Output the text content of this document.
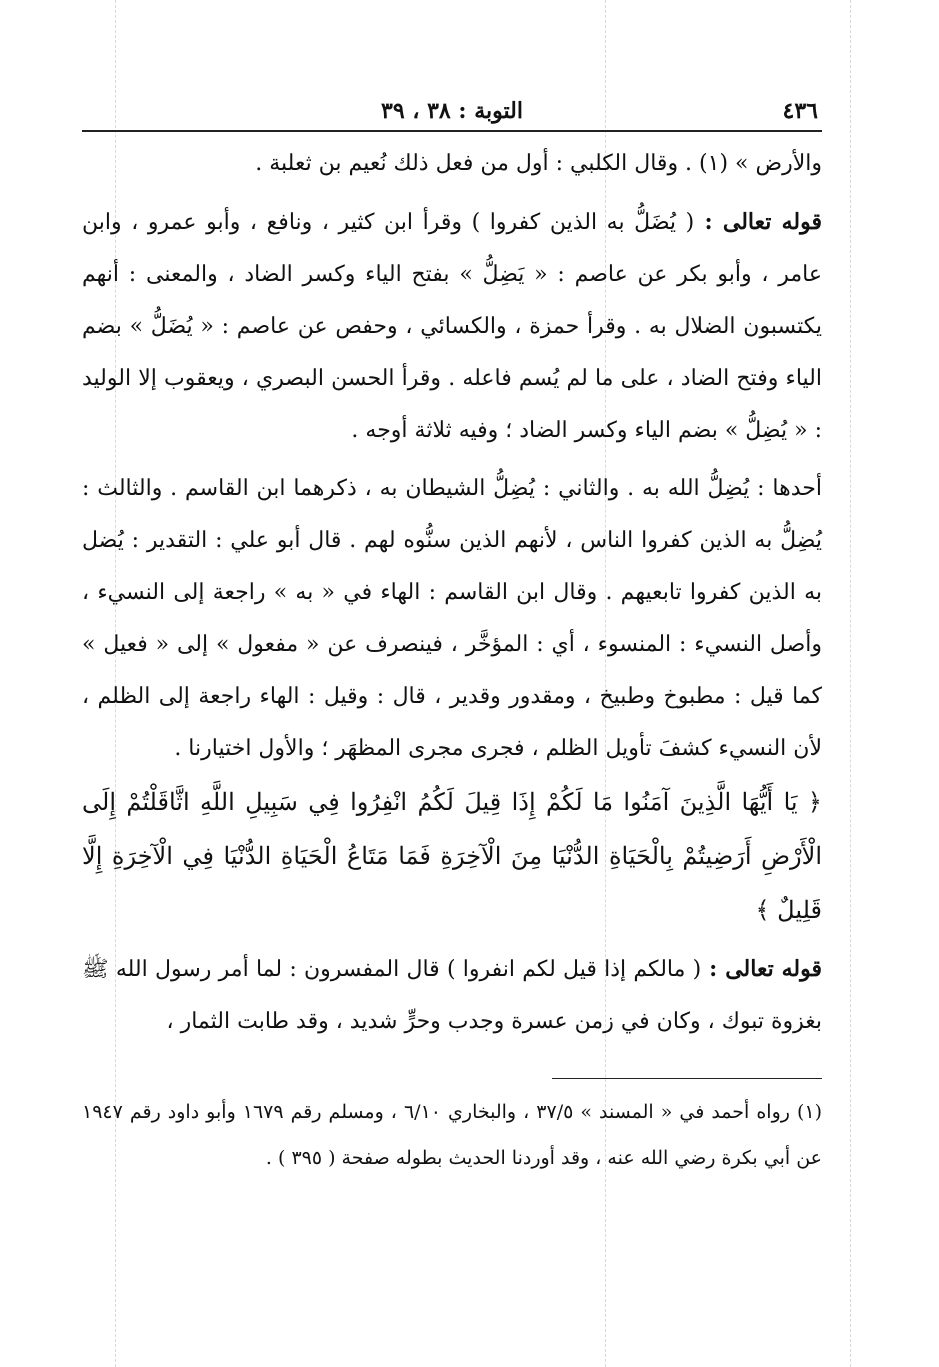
٤٣٦
التوبة : ٣٨ ، ٣٩

والأرض » (١) . وقال الكلبي : أول من فعل ذلك نُعيم بن ثعلبة .

قوله تعالى : ( يُضَلُّ به الذين كفروا ) وقرأ ابن كثير ، ونافع ، وأبو عمرو ، وابن عامر ، وأبو بكر عن عاصم : « يَضِلُّ » بفتح الياء وكسر الضاد ، والمعنى : أنهم يكتسبون الضلال به . وقرأ حمزة ، والكسائي ، وحفص عن عاصم : « يُضَلُّ » بضم الياء وفتح الضاد ، على ما لم يُسم فاعله . وقرأ الحسن البصري ، ويعقوب إلا الوليد : « يُضِلُّ » بضم الياء وكسر الضاد ؛ وفيه ثلاثة أوجه .

أحدها : يُضِلُّ الله به . والثاني : يُضِلُّ الشيطان به ، ذكرهما ابن القاسم . والثالث : يُضِلُّ به الذين كفروا الناس ، لأنهم الذين سنُّوه لهم . قال أبو علي : التقدير : يُضل به الذين كفروا تابعيهم . وقال ابن القاسم : الهاء في « به » راجعة إلى النسيء ، وأصل النسيء : المنسوء ، أي : المؤخَّر ، فينصرف عن « مفعول » إلى « فعيل » كما قيل : مطبوخ وطبيخ ، ومقدور وقدير ، قال : وقيل : الهاء راجعة إلى الظلم ، لأن النسيء كشفَ تأويل الظلم ، فجرى مجرى المظهَر ؛ والأول اختيارنا .

﴿ يَا أَيُّهَا الَّذِينَ آمَنُوا مَا لَكُمْ إِذَا قِيلَ لَكُمُ انْفِرُوا فِي سَبِيلِ اللَّهِ اثَّاقَلْتُمْ إِلَى الْأَرْضِ أَرَضِيتُمْ بِالْحَيَاةِ الدُّنْيَا مِنَ الْآخِرَةِ فَمَا مَتَاعُ الْحَيَاةِ الدُّنْيَا فِي الْآخِرَةِ إِلَّا قَلِيلٌ ﴾

قوله تعالى : ( مالكم إذا قيل لكم انفروا ) قال المفسرون : لما أمر رسول الله ﷺ بغزوة تبوك ، وكان في زمن عسرة وجدب وحرٍّ شديد ، وقد طابت الثمار ،

(١) رواه أحمد في « المسند » ٣٧/٥ ، والبخاري ٦/١٠ ، ومسلم رقم ١٦٧٩ وأبو داود رقم ١٩٤٧ عن أبي بكرة رضي الله عنه ، وقد أوردنا الحديث بطوله صفحة ( ٣٩٥ ) .
